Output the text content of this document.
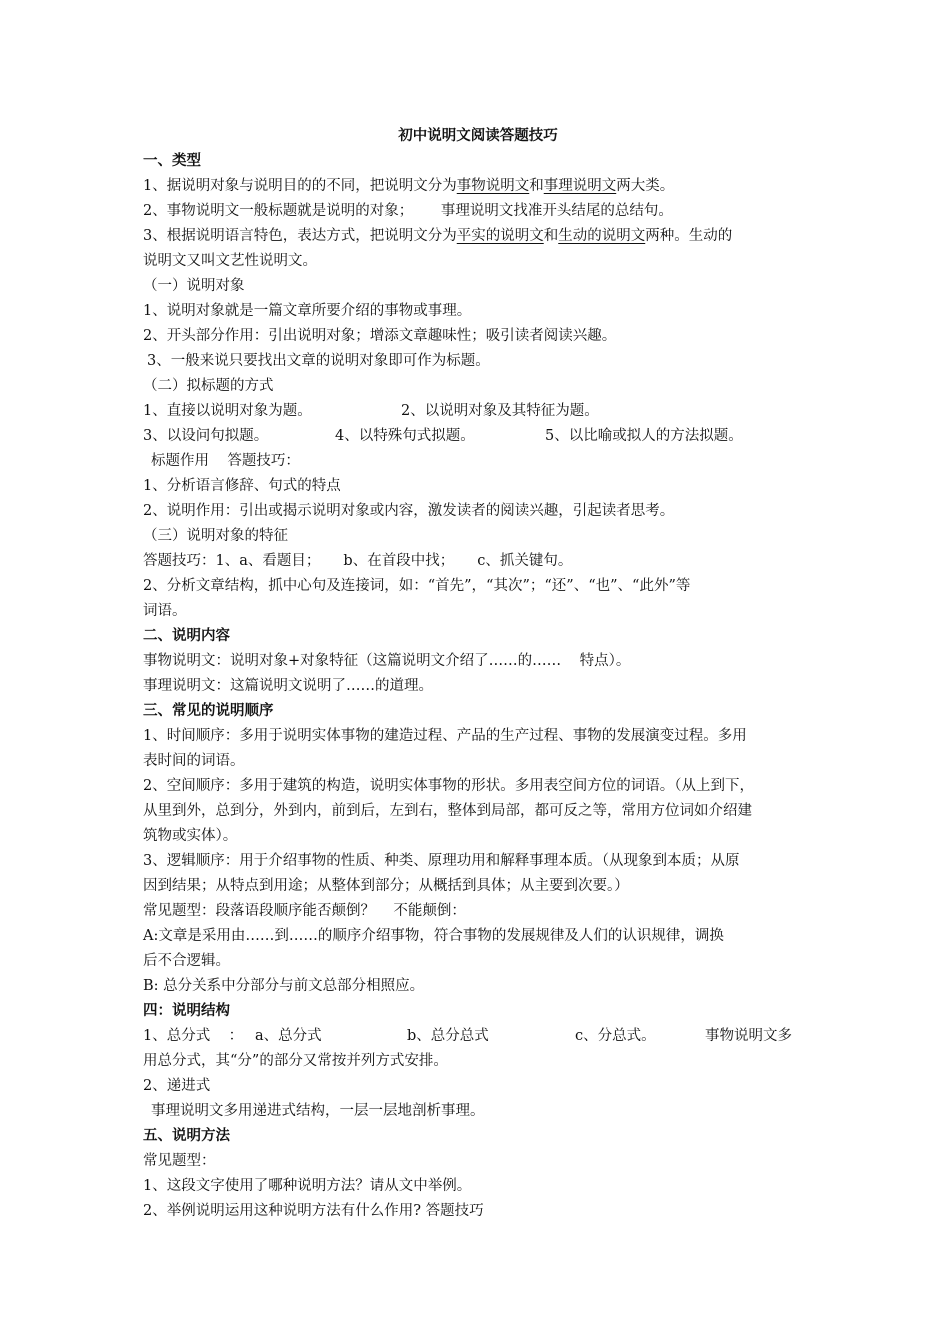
初中说明文阅读答题技巧
一、类型
1、据说明对象与说明目的的不同，把说明文分为事物说明文和事理说明文两大类。
2、事物说明文一般标题就是说明的对象；      事理说明文找准开头结尾的总结句。
3、根据说明语言特色，表达方式，把说明文分为平实的说明文和生动的说明文两种。生动的
说明文又叫文艺性说明文。
（一）说明对象
1、说明对象就是一篇文章所要介绍的事物或事理。
2、开头部分作用：引出说明对象；增添文章趣味性；吸引读者阅读兴趣。
3、一般来说只要找出文章的说明对象即可作为标题。
（二）拟标题的方式
1、直接以说明对象为题。	2、以说明对象及其特征为题。
3、以设问句拟题。	4、以特殊句式拟题。	5、以比喻或拟人的方法拟题。
标题作用    答题技巧：
1、分析语言修辞、句式的特点
2、说明作用：引出或揭示说明对象或内容，激发读者的阅读兴趣，引起读者思考。
（三）说明对象的特征
答题技巧：1、a、看题目；     b、在首段中找；     c、抓关键句。
2、分析文章结构，抓中心句及连接词，如：“首先”，“其次”；“还”、“也”、“此外”等
词语。
二、说明内容
事物说明文：说明对象+对象特征（这篇说明文介绍了……的……    特点）。
事理说明文：这篇说明文说明了……的道理。
三、常见的说明顺序
1、时间顺序：多用于说明实体事物的建造过程、产品的生产过程、事物的发展演变过程。多用
表时间的词语。
2、空间顺序：多用于建筑的构造，说明实体事物的形状。多用表空间方位的词语。（从上到下，
从里到外，总到分，外到内，前到后，左到右，整体到局部，都可反之等，常用方位词如介绍建
筑物或实体）。
3、逻辑顺序：用于介绍事物的性质、种类、原理功用和解释事理本质。（从现象到本质；从原
因到结果；从特点到用途；从整体到部分；从概括到具体；从主要到次要。）
常见题型：段落语段顺序能否颠倒？    不能颠倒：
A:文章是采用由……到……的顺序介绍事物，符合事物的发展规律及人们的认识规律，调换
后不合逻辑。
B: 总分关系中分部分与前文总部分相照应。
四：说明结构
1、总分式    ： a、总分式	b、总分总式	c、分总式。	事物说明文多
用总分式，其“分”的部分又常按并列方式安排。
2、递进式
事理说明文多用递进式结构，一层一层地剖析事理。
五、说明方法
常见题型：
1、这段文字使用了哪种说明方法？请从文中举例。
2、举例说明运用这种说明方法有什么作用? 答题技巧
